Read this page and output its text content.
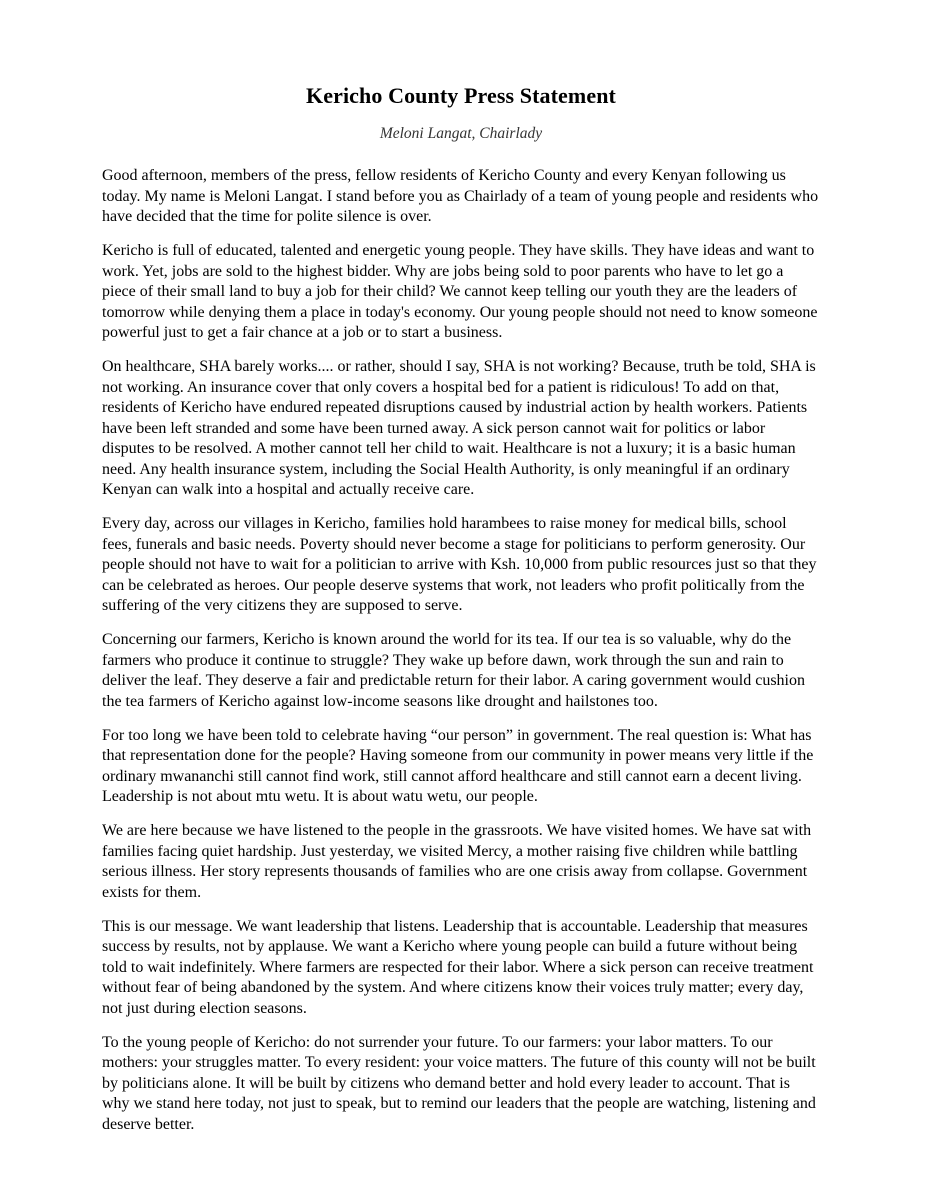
Kericho County Press Statement

Meloni Langat, Chairlady

Good afternoon, members of the press, fellow residents of Kericho County and every Kenyan following us today. My name is Meloni Langat. I stand before you as Chairlady of a team of young people and residents who have decided that the time for polite silence is over.

Kericho is full of educated, talented and energetic young people. They have skills. They have ideas and want to work. Yet, jobs are sold to the highest bidder. Why are jobs being sold to poor parents who have to let go a piece of their small land to buy a job for their child? We cannot keep telling our youth they are the leaders of tomorrow while denying them a place in today's economy. Our young people should not need to know someone powerful just to get a fair chance at a job or to start a business.

On healthcare, SHA barely works.... or rather, should I say, SHA is not working? Because, truth be told, SHA is not working. An insurance cover that only covers a hospital bed for a patient is ridiculous! To add on that, residents of Kericho have endured repeated disruptions caused by industrial action by health workers. Patients have been left stranded and some have been turned away. A sick person cannot wait for politics or labor disputes to be resolved. A mother cannot tell her child to wait. Healthcare is not a luxury; it is a basic human need. Any health insurance system, including the Social Health Authority, is only meaningful if an ordinary Kenyan can walk into a hospital and actually receive care.

Every day, across our villages in Kericho, families hold harambees to raise money for medical bills, school fees, funerals and basic needs. Poverty should never become a stage for politicians to perform generosity. Our people should not have to wait for a politician to arrive with Ksh. 10,000 from public resources just so that they can be celebrated as heroes. Our people deserve systems that work, not leaders who profit politically from the suffering of the very citizens they are supposed to serve.

Concerning our farmers, Kericho is known around the world for its tea. If our tea is so valuable, why do the farmers who produce it continue to struggle? They wake up before dawn, work through the sun and rain to deliver the leaf. They deserve a fair and predictable return for their labor. A caring government would cushion the tea farmers of Kericho against low-income seasons like drought and hailstones too.

For too long we have been told to celebrate having “our person” in government. The real question is: What has that representation done for the people? Having someone from our community in power means very little if the ordinary mwananchi still cannot find work, still cannot afford healthcare and still cannot earn a decent living. Leadership is not about mtu wetu. It is about watu wetu, our people.

We are here because we have listened to the people in the grassroots. We have visited homes. We have sat with families facing quiet hardship. Just yesterday, we visited Mercy, a mother raising five children while battling serious illness. Her story represents thousands of families who are one crisis away from collapse. Government exists for them.

This is our message. We want leadership that listens. Leadership that is accountable. Leadership that measures success by results, not by applause. We want a Kericho where young people can build a future without being told to wait indefinitely. Where farmers are respected for their labor. Where a sick person can receive treatment without fear of being abandoned by the system. And where citizens know their voices truly matter; every day, not just during election seasons.

To the young people of Kericho: do not surrender your future. To our farmers: your labor matters. To our mothers: your struggles matter. To every resident: your voice matters. The future of this county will not be built by politicians alone. It will be built by citizens who demand better and hold every leader to account. That is why we stand here today, not just to speak, but to remind our leaders that the people are watching, listening and deserve better.
